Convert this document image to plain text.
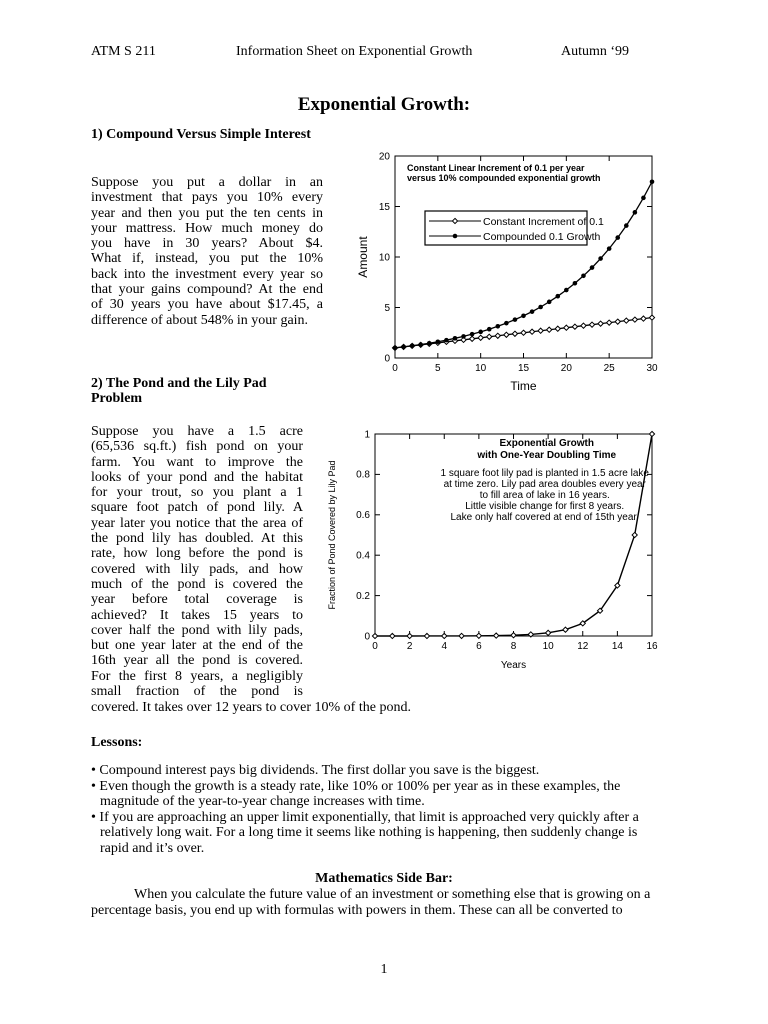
ATM S 211	Information Sheet on Exponential Growth	Autumn ‘99
Exponential Growth:
1) Compound Versus Simple Interest
Suppose you put a dollar in an
investment that pays you 10% every
year and then you put the ten cents in
your mattress. How much money do
you have in 30 years? About $4.
What if, instead, you put the 10%
back into the investment every year so
that your gains compound? At the end
of 30 years you have about $17.45, a
difference of about 548% in your gain.
0	5	10	15	20	25	30
0
5
10
15
20
Constant Linear Increment of 0.1 per year
versus 10% compounded exponential growth
Time
Amount
Constant Increment of 0.1
Compounded 0.1 Growth
2) The Pond and the Lily Pad
Problem
Suppose you have a 1.5 acre
(65,536 sq.ft.) fish pond on your
farm. You want to improve the
looks of your pond and the habitat
for your trout, so you plant a 1
square foot patch of pond lily. A
year later you notice that the area of
the pond lily has doubled. At this
rate, how long before the pond is
covered with lily pads, and how
much of the pond is covered the
year before total coverage is
achieved? It takes 15 years to
cover half the pond with lily pads,
but one year later at the end of the
16th year all the pond is covered.
For the first 8 years, a negligibly
small fraction of the pond is
covered. It takes over 12 years to cover 10% of the pond.
0	2	4	6	8	10 12 14 16
0
0.2
0.4
0.6
0.8
1
Exponential Growth
with One-Year Doubling Time
1 square foot lily pad is planted in 1.5 acre lake
at time zero. Lily pad area doubles every year
to fill area of lake in 16 years.
Little visible change for first 8 years.
Lake only half covered at end of 15th year.
Years
Fraction of Pond Covered by Lily Pad
Lessons:
• Compound interest pays big dividends. The first dollar you save is the biggest.
• Even though the growth is a steady rate, like 10% or 100% per year as in these examples, the
magnitude of the year-to-year change increases with time.
• If you are approaching an upper limit exponentially, that limit is approached very quickly after a
relatively long wait. For a long time it seems like nothing is happening, then suddenly change is
rapid and it’s over.
Mathematics Side Bar:
When you calculate the future value of an investment or something else that is growing on a
percentage basis, you end up with formulas with powers in them. These can all be converted to
1
